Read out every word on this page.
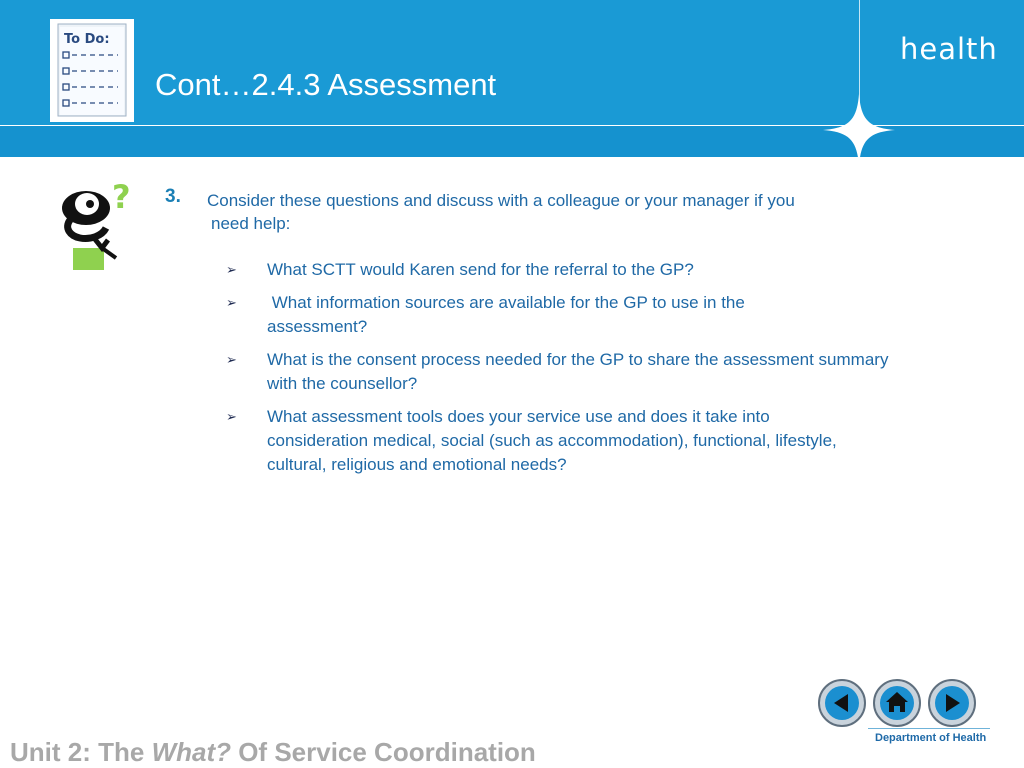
health
To Do:
Cont…2.4.3 Assessment
? 3. Consider these questions and discuss with a colleague or your manager if you
need help:
➢	What SCTT would Karen send for the referral to the GP?
➢	What information sources are available for the GP to use in the assessment?
➢	What is the consent process needed for the GP to share the assessment summary with the counsellor?
➢	What assessment tools does your service use and does it take into consideration medical, social (such as accommodation), functional, lifestyle, cultural, religious and emotional needs?
Department of Health
Unit 2: The What? Of Service Coordination
